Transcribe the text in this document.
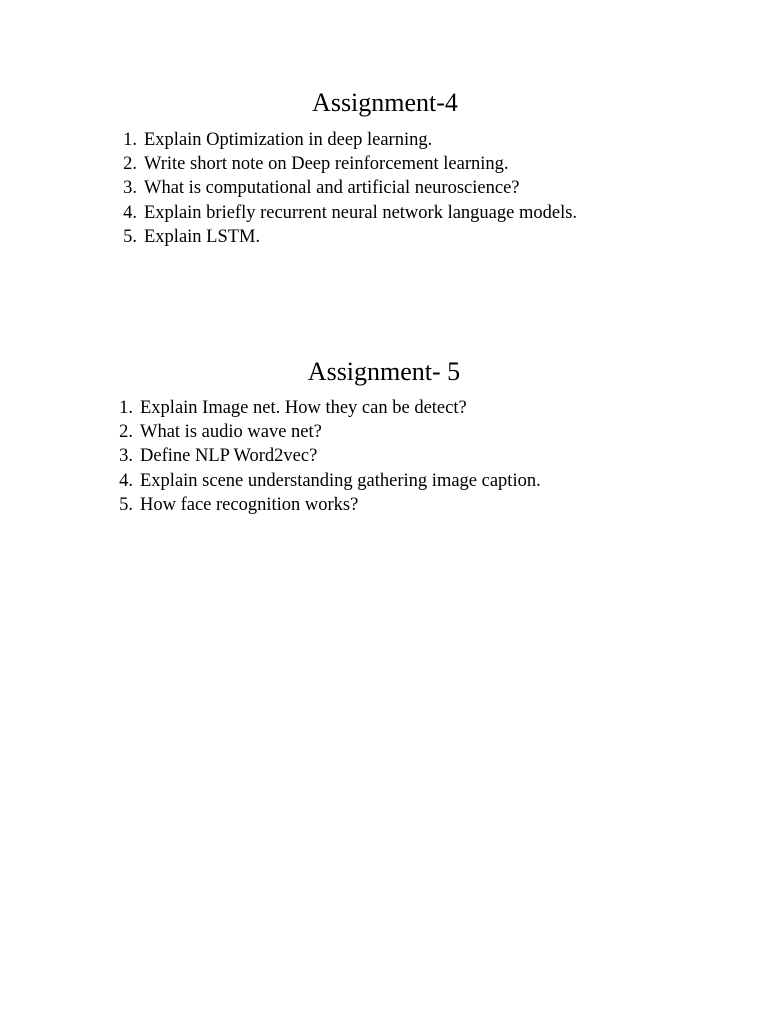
Assignment-4
1. Explain Optimization in deep learning.
2. Write short note on Deep reinforcement learning.
3. What is computational and artificial neuroscience?
4. Explain briefly recurrent neural network language models.
5. Explain LSTM.
Assignment- 5
1. Explain Image net. How they can be detect?
2. What is audio wave net?
3. Define NLP Word2vec?
4. Explain scene understanding gathering image caption.
5. How face recognition works?
